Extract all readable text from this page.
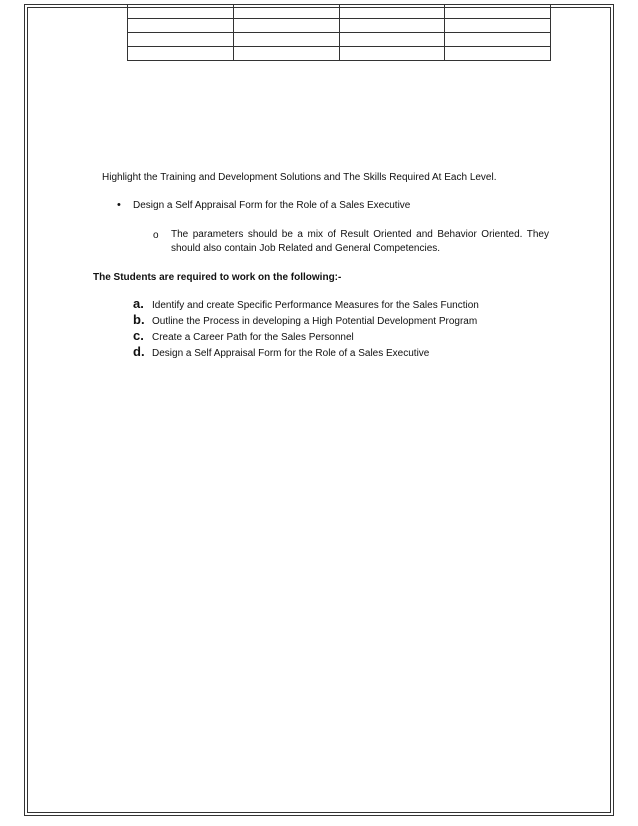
Highlight the Training and Development Solutions and The Skills Required At Each Level.
• Design a Self Appraisal Form for the Role of a Sales Executive
o The parameters should be a mix of Result Oriented and Behavior Oriented. They should also contain Job Related and General Competencies.
The Students are required to work on the following:-
a. Identify and create Specific Performance Measures for the Sales Function
b. Outline the Process in developing a High Potential Development Program
c. Create a Career Path for the Sales Personnel
d. Design a Self Appraisal Form for the Role of a Sales Executive
